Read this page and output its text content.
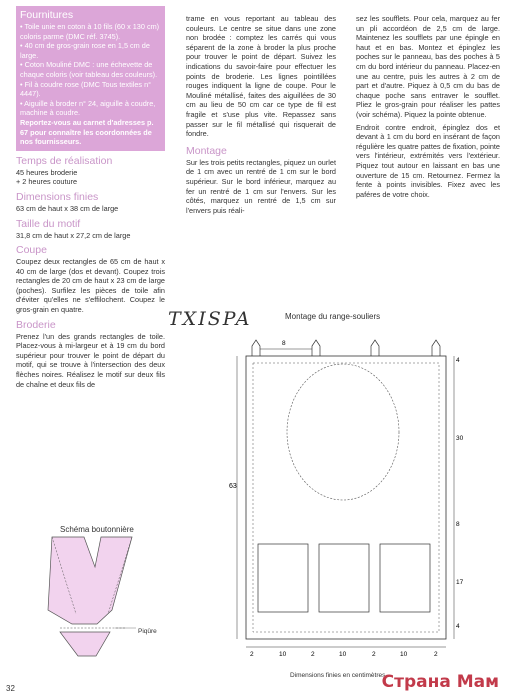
Fournitures

• Toile unie en coton à 10 fils (60 x 130 cm) coloris parme (DMC réf. 3745).

• 40 cm de gros-grain rose en 1,5 cm de large.

• Coton Mouliné DMC : une échevette de chaque coloris (voir tableau des couleurs).

• Fil à coudre rose (DMC Tous textiles n° 4447).

• Aiguille à broder n° 24, aiguille à coudre, machine à coudre.

Reportez-vous au carnet d'adresses p. 67 pour connaître les coordonnées de nos fournisseurs.

Temps de réalisation

45 heures broderie

+ 2 heures couture

Dimensions finies

63 cm de haut x 38 cm de large

Taille du motif

31,8 cm de haut x 27,2 cm de large

Coupe

Coupez deux rectangles de 65 cm de haut x 40 cm de large (dos et devant). Coupez trois rectangles de 20 cm de haut x 23 cm de large (poches). Surfilez les pièces de toile afin d'éviter qu'elles ne s'effilochent. Coupez le gros-grain en quatre.

Broderie

Prenez l'un des grands rectangles de toile. Placez-vous à mi-largeur et à 19 cm du bord supérieur pour trouver le point de départ du motif, qui se trouve à l'intersection des deux flèches noires. Réalisez le motif sur deux fils de chaîne et deux fils de

trame en vous reportant au tableau des couleurs. Le centre se situe dans une zone non brodée : comptez les carrés qui vous séparent de la zone à broder la plus proche pour trouver le point de départ. Suivez les indications du savoir-faire pour effectuer les points de broderie. Les lignes pointillées rouges indiquent la ligne de coupe. Pour le Mouliné métallisé, faites des aiguillées de 30 cm au lieu de 50 cm car ce type de fil est fragile et s'use plus vite. Repassez sans passer sur le fil métallisé qui risquerait de fondre.

Montage

Sur les trois petits rectangles, piquez un ourlet de 1 cm avec un rentré de 1 cm sur le bord supérieur. Sur le bord inférieur, marquez au fer un rentré de 1 cm sur l'envers. Sur les côtés, marquez un rentré de 1,5 cm sur l'envers puis réali-

sez les soufflets. Pour cela, marquez au fer un pli accordéon de 2,5 cm de large. Maintenez les soufflets par une épingle en haut et en bas. Montez et épinglez les poches sur le panneau, bas des poches à 5 cm du bord intérieur du panneau. Placez-en une au centre, puis les autres à 2 cm de part et d'autre. Piquez à 0,5 cm du bas de chaque poche sans entraver le soufflet. Pliez le gros-grain pour réaliser les pattes (voir schéma). Piquez la pointe obtenue.

Endroit contre endroit, épinglez dos et devant à 1 cm du bord en insérant de façon régulière les quatre pattes de fixation, pointe vers l'intérieur, extrémités vers l'extérieur. Piquez tout autour en laissant en bas une ouverture de 15 cm. Retournez. Fermez la fente à points invisibles. Fixez avec les paféres de votre choix.

TXISPA	Montage du range-souliers
Dimensions finies en centimètres
Schéma boutonnière
Piqûre
32	Страна Мам
8
63
4
30
8
17
4
2	10	2	10	2	10	2
